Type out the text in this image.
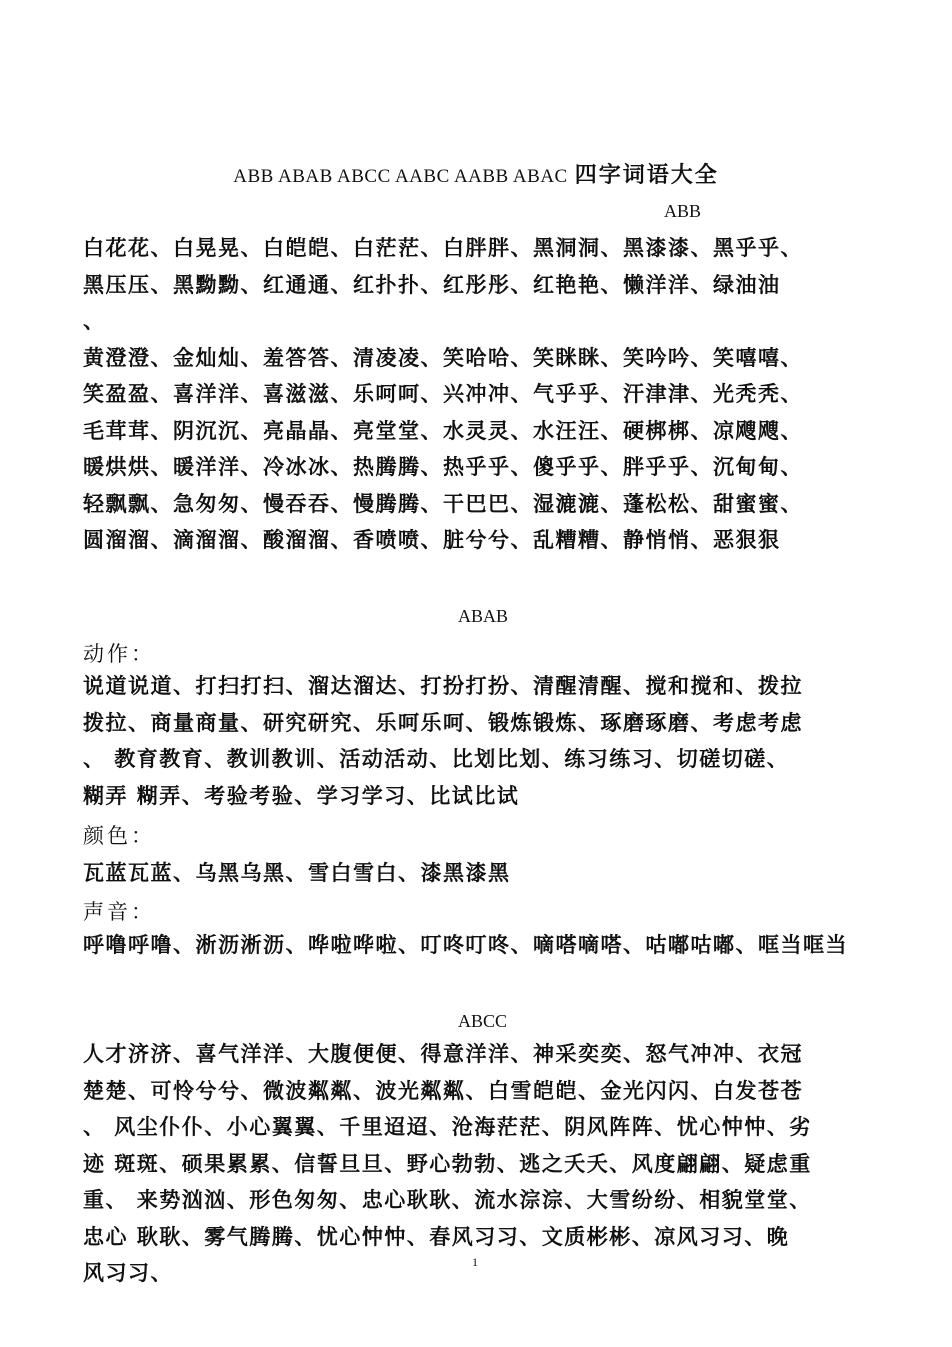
ABB ABAB ABCC AABC AABB ABAC 四字词语大全
ABB
白花花、白晃晃、白皑皑、白茫茫、白胖胖、黑洞洞、黑漆漆、黑乎乎、
黑压压、黑黝黝、红通通、红扑扑、红彤彤、红艳艳、懒洋洋、绿油油
、
黄澄澄、金灿灿、羞答答、清凌凌、笑哈哈、笑眯眯、笑吟吟、笑嘻嘻、
笑盈盈、喜洋洋、喜滋滋、乐呵呵、兴冲冲、气乎乎、汗津津、光秃秃、
毛茸茸、阴沉沉、亮晶晶、亮堂堂、水灵灵、水汪汪、硬梆梆、凉飕飕、
暖烘烘、暖洋洋、冷冰冰、热腾腾、热乎乎、傻乎乎、胖乎乎、沉甸甸、
轻飘飘、急匆匆、慢吞吞、慢腾腾、干巴巴、湿漉漉、蓬松松、甜蜜蜜、
圆溜溜、滴溜溜、酸溜溜、香喷喷、脏兮兮、乱糟糟、静悄悄、恶狠狠
ABAB
动作：
说道说道、打扫打扫、溜达溜达、打扮打扮、清醒清醒、搅和搅和、拨拉
拨拉、商量商量、研究研究、乐呵乐呵、锻炼锻炼、琢磨琢磨、考虑考虑
、 教育教育、教训教训、活动活动、比划比划、练习练习、切磋切磋、
糊弄 糊弄、考验考验、学习学习、比试比试
颜色：
瓦蓝瓦蓝、乌黑乌黑、雪白雪白、漆黑漆黑
声音：
呼噜呼噜、淅沥淅沥、哗啦哗啦、叮咚叮咚、嘀嗒嘀嗒、咕嘟咕嘟、哐当哐当
ABCC
人才济济、喜气洋洋、大腹便便、得意洋洋、神采奕奕、怒气冲冲、衣冠
楚楚、可怜兮兮、微波粼粼、波光粼粼、白雪皑皑、金光闪闪、白发苍苍
、 风尘仆仆、小心翼翼、千里迢迢、沧海茫茫、阴风阵阵、忧心忡忡、劣
迹 斑斑、硕果累累、信誓旦旦、野心勃勃、逃之夭夭、风度翩翩、疑虑重
重、 来势汹汹、形色匆匆、忠心耿耿、流水淙淙、大雪纷纷、相貌堂堂、
忠心 耿耿、雾气腾腾、忧心忡忡、春风习习、文质彬彬、凉风习习、晚
风习习、	1
